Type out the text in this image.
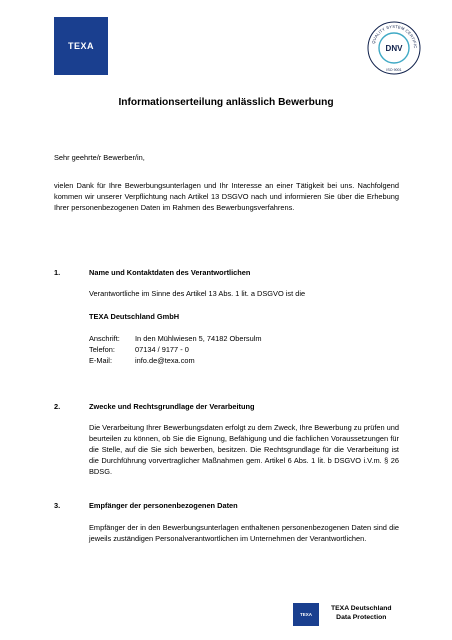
TEXA	QUALITY SYSTEM CERTIFIC
DNV
ISO 9001
Informationserteilung anlässlich Bewerbung

Sehr geehrte/r Bewerber/in,

vielen Dank für Ihre Bewerbungsunterlagen und Ihr Interesse an einer Tätigkeit bei uns. Nachfolgend kommen wir unserer Verpflichtung nach Artikel 13 DSGVO nach und informieren Sie über die Erhebung Ihrer personenbezogenen Daten im Rahmen des Bewerbungsverfahrens.

1.	Name und Kontaktdaten des Verantwortlichen

Verantwortliche im Sinne des Artikel 13 Abs. 1 lit. a DSGVO ist die

TEXA Deutschland GmbH

Anschrift: In den Mühlwiesen 5, 74182 Obersulm
Telefon:	07134 / 9177 - 0
E-Mail:	info.de@texa.com
2.	Zwecke und Rechtsgrundlage der Verarbeitung

Die Verarbeitung Ihrer Bewerbungsdaten erfolgt zu dem Zweck, Ihre Bewerbung zu prüfen und beurteilen zu können, ob Sie die Eignung, Befähigung und die fachlichen Voraussetzungen für die Stelle, auf die Sie sich bewerben, besitzen. Die Rechtsgrundlage für die Verarbeitung ist die Durchführung vorvertraglicher Maßnahmen gem. Artikel 6 Abs. 1 lit. b DSGVO i.V.m. § 26 BDSG.

3.	Empfänger der personenbezogenen Daten

Empfänger der in den Bewerbungsunterlagen enthaltenen personenbezogenen Daten sind die jeweils zuständigen Personalverantwortlichen im Unternehmen der Verantwortlichen.

TEXA
TEXA Deutschland
Data Protection
